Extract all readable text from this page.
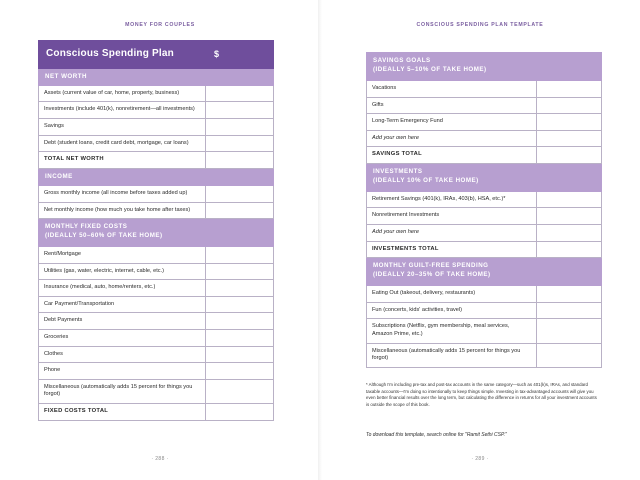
MONEY FOR COUPLES
Conscious Spending Plan	$
NET WORTH	
Assets (current value of car, home, property, business)	
Investments (include 401(k), nonretirement—all investments)	
Savings	
Debt (student loans, credit card debt, mortgage, car loans)	
TOTAL NET WORTH	
INCOME	
Gross monthly income (all income before taxes added up)	
Net monthly income (how much you take home after taxes)	

MONTHLY FIXED COSTS
(IDEALLY 50–60% OF TAKE HOME)	

Rent/Mortgage	
Utilities (gas, water, electric, internet, cable, etc.)	
Insurance (medical, auto, home/renters, etc.)	
Car Payment/Transportation	
Debt Payments	
Groceries	
Clothes	
Phone	
Miscellaneous (automatically adds 15 percent for things you forgot)	
FIXED COSTS TOTAL	
· 288 ·
CONSCIOUS SPENDING PLAN TEMPLATE
SAVINGS GOALS
(IDEALLY 5–10% OF TAKE HOME)	

Vacations	
Gifts	
Long-Term Emergency Fund	
Add your own here	
SAVINGS TOTAL	

INVESTMENTS
(IDEALLY 10% OF TAKE HOME)	

Retirement Savings (401(k), IRAs, 403(b), HSA, etc.)*	
Nonretirement Investments	
Add your own here	
INVESTMENTS TOTAL	

MONTHLY GUILT-FREE SPENDING
(IDEALLY 20–35% OF TAKE HOME)	

Eating Out (takeout, delivery, restaurants)	
Fun (concerts, kids' activities, travel)	
Subscriptions (Netflix, gym membership, meal services, Amazon Prime, etc.)	
Miscellaneous (automatically adds 15 percent for things you forgot)	
* Although I'm including pre-tax and post-tax accounts in the same category—such as 401(k)s, IRAs, and standard taxable accounts—I'm doing so intentionally to keep things simple. Investing in tax-advantaged accounts will give you even better financial results over the long term, but calculating the difference in returns for all your investment accounts is outside the scope of this book.
To download this template, search online for "Ramit Sethi CSP."
· 289 ·
